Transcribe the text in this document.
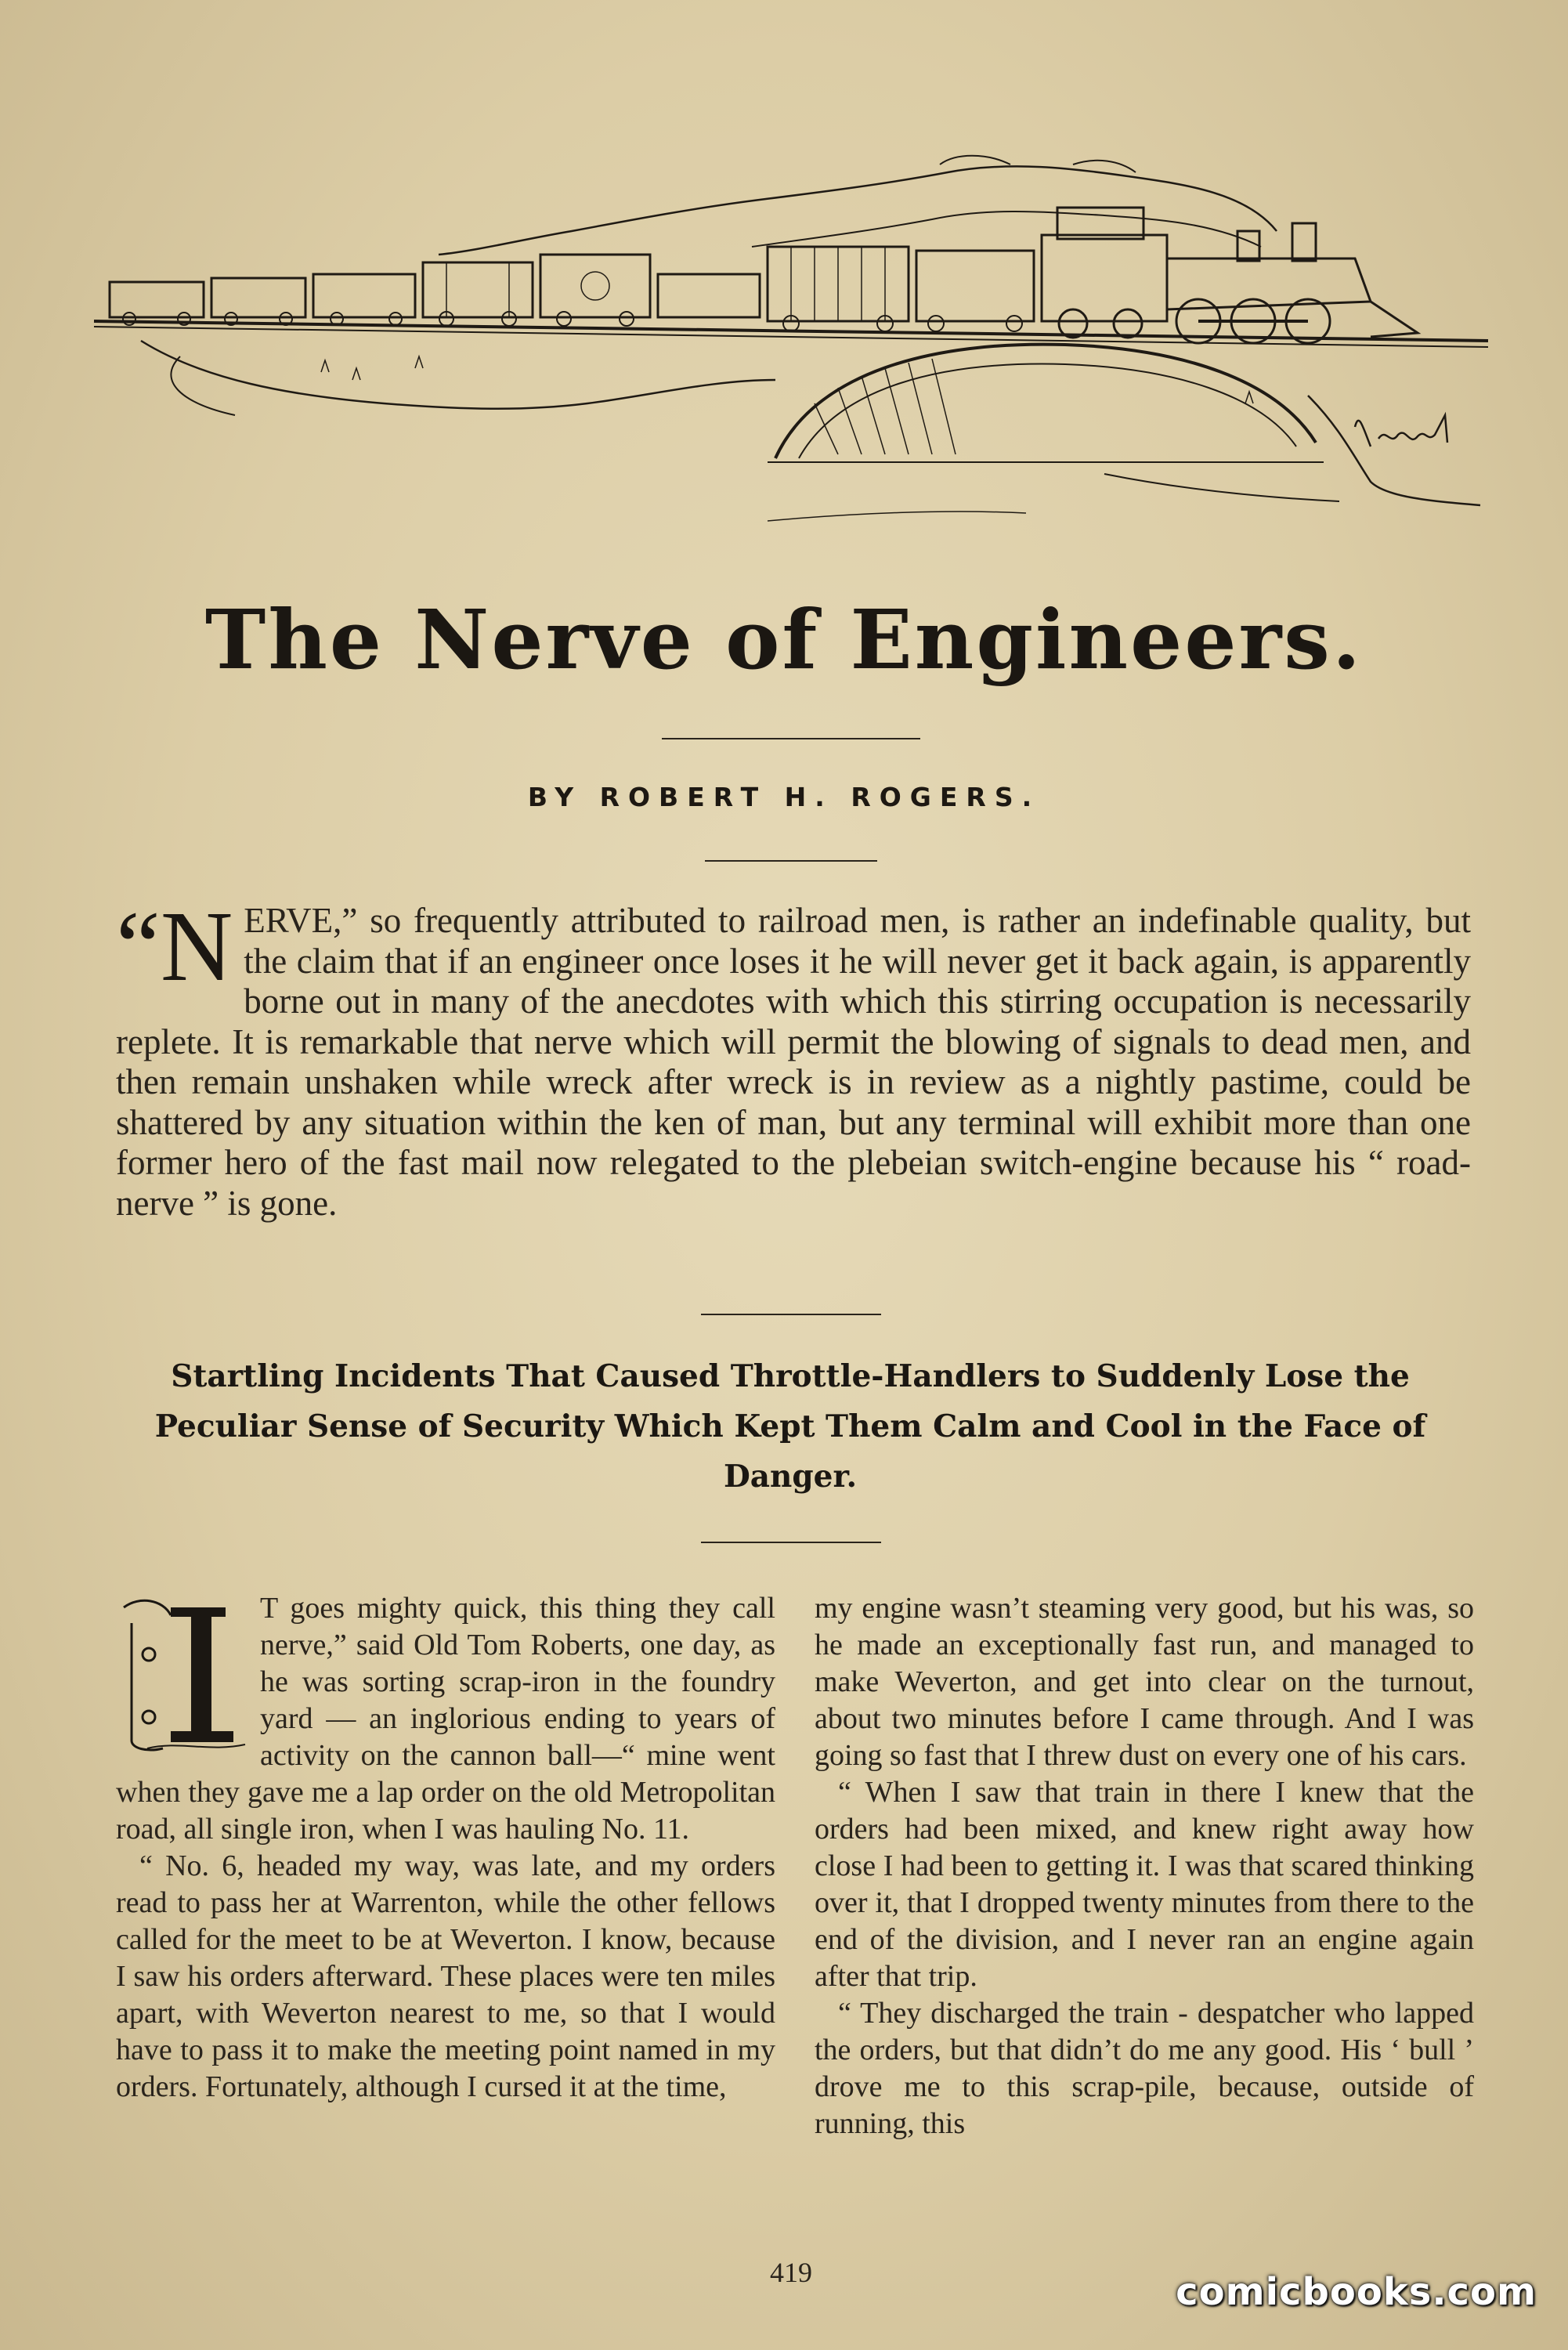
The Nerve of Engineers.
BY ROBERT H. ROGERS.
“NERVE,” so frequently attributed to railroad men, is rather an indefinable quality, but the claim that if an engineer once loses it he will never get it back again, is apparently borne out in many of the anecdotes with which this stirring occupation is necessarily replete. It is remarkable that nerve which will permit the blowing of signals to dead men, and then remain unshaken while wreck after wreck is in review as a nightly pastime, could be shattered by any situation within the ken of man, but any terminal will exhibit more than one former hero of the fast mail now relegated to the plebeian switch-engine because his “ road-nerve ” is gone.
Startling Incidents That Caused Throttle-Handlers to Suddenly Lose the Peculiar Sense of Security Which Kept Them Calm and Cool in the Face of Danger.

T goes mighty quick, this thing they call nerve,” said Old Tom Roberts, one day, as he was sorting scrap-iron in the foundry yard — an inglorious ending to years of activity on the cannon ball—“ mine went when they gave me a lap order on the old Metropolitan road, all single iron, when I was hauling No. 11.

“ No. 6, headed my way, was late, and my orders read to pass her at Warrenton, while the other fellows called for the meet to be at Weverton. I know, because I saw his orders afterward. These places were ten miles apart, with Weverton nearest to me, so that I would have to pass it to make the meeting point named in my orders. Fortunately, although I cursed it at the time,

my engine wasn’t steaming very good, but his was, so he made an exceptionally fast run, and managed to make Weverton, and get into clear on the turnout, about two minutes before I came through. And I was going so fast that I threw dust on every one of his cars.

“ When I saw that train in there I knew that the orders had been mixed, and knew right away how close I had been to getting it. I was that scared thinking over it, that I dropped twenty minutes from there to the end of the division, and I never ran an engine again after that trip.

“ They discharged the train - despatcher who lapped the orders, but that didn’t do me any good. His ‘ bull ’ drove me to this scrap-pile, because, outside of running, this

419	comicbooks.com
